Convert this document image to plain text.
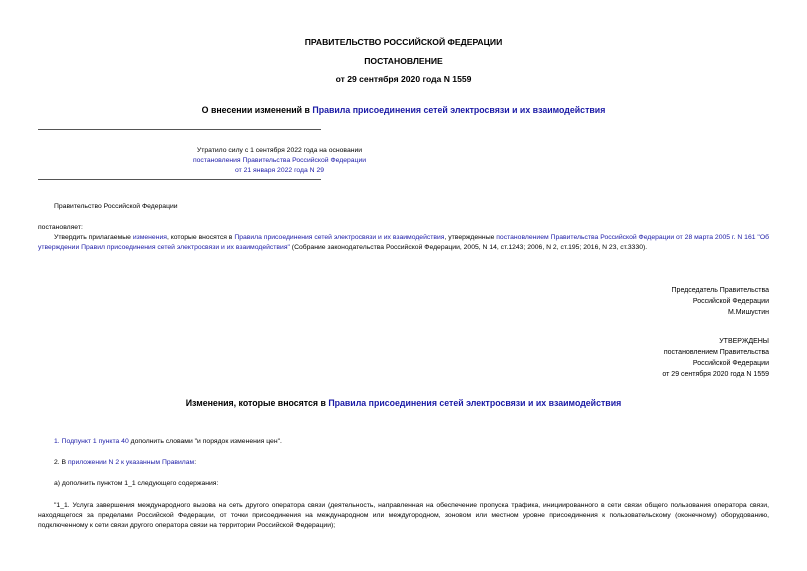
ПРАВИТЕЛЬСТВО РОССИЙСКОЙ ФЕДЕРАЦИИ
ПОСТАНОВЛЕНИЕ
от 29 сентября 2020 года N 1559
О внесении изменений в Правила присоединения сетей электросвязи и их взаимодействия
Утратило силу с 1 сентября 2022 года на основании
постановления Правительства Российской Федерации
от 21 января 2022 года N 29
Правительство Российской Федерации
постановляет:
Утвердить прилагаемые изменения, которые вносятся в Правила присоединения сетей электросвязи и их взаимодействия, утвержденные постановлением Правительства Российской Федерации от 28 марта 2005 г. N 161 "Об утверждении Правил присоединения сетей электросвязи и их взаимодействия" (Собрание законодательства Российской Федерации, 2005, N 14, ст.1243; 2006, N 2, ст.195; 2016, N 23, ст.3330).
Председатель Правительства
Российской Федерации
М.Мишустин
УТВЕРЖДЕНЫ
постановлением Правительства
Российской Федерации
от 29 сентября 2020 года N 1559
Изменения, которые вносятся в Правила присоединения сетей электросвязи и их взаимодействия
1. Подпункт 1 пункта 40 дополнить словами "и порядок изменения цен".
2. В приложении N 2 к указанным Правилам:
а) дополнить пунктом 1_1 следующего содержания:
"1_1. Услуга завершения международного вызова на сеть другого оператора связи (деятельность, направленная на обеспечение пропуска трафика, инициированного в сети связи общего пользования оператора связи, находящегося за пределами Российской Федерации, от точки присоединения на международном или междугородном, зоновом или местном уровне присоединения к пользовательскому (оконечному) оборудованию, подключенному к сети связи другого оператора связи на территории Российской Федерации);
